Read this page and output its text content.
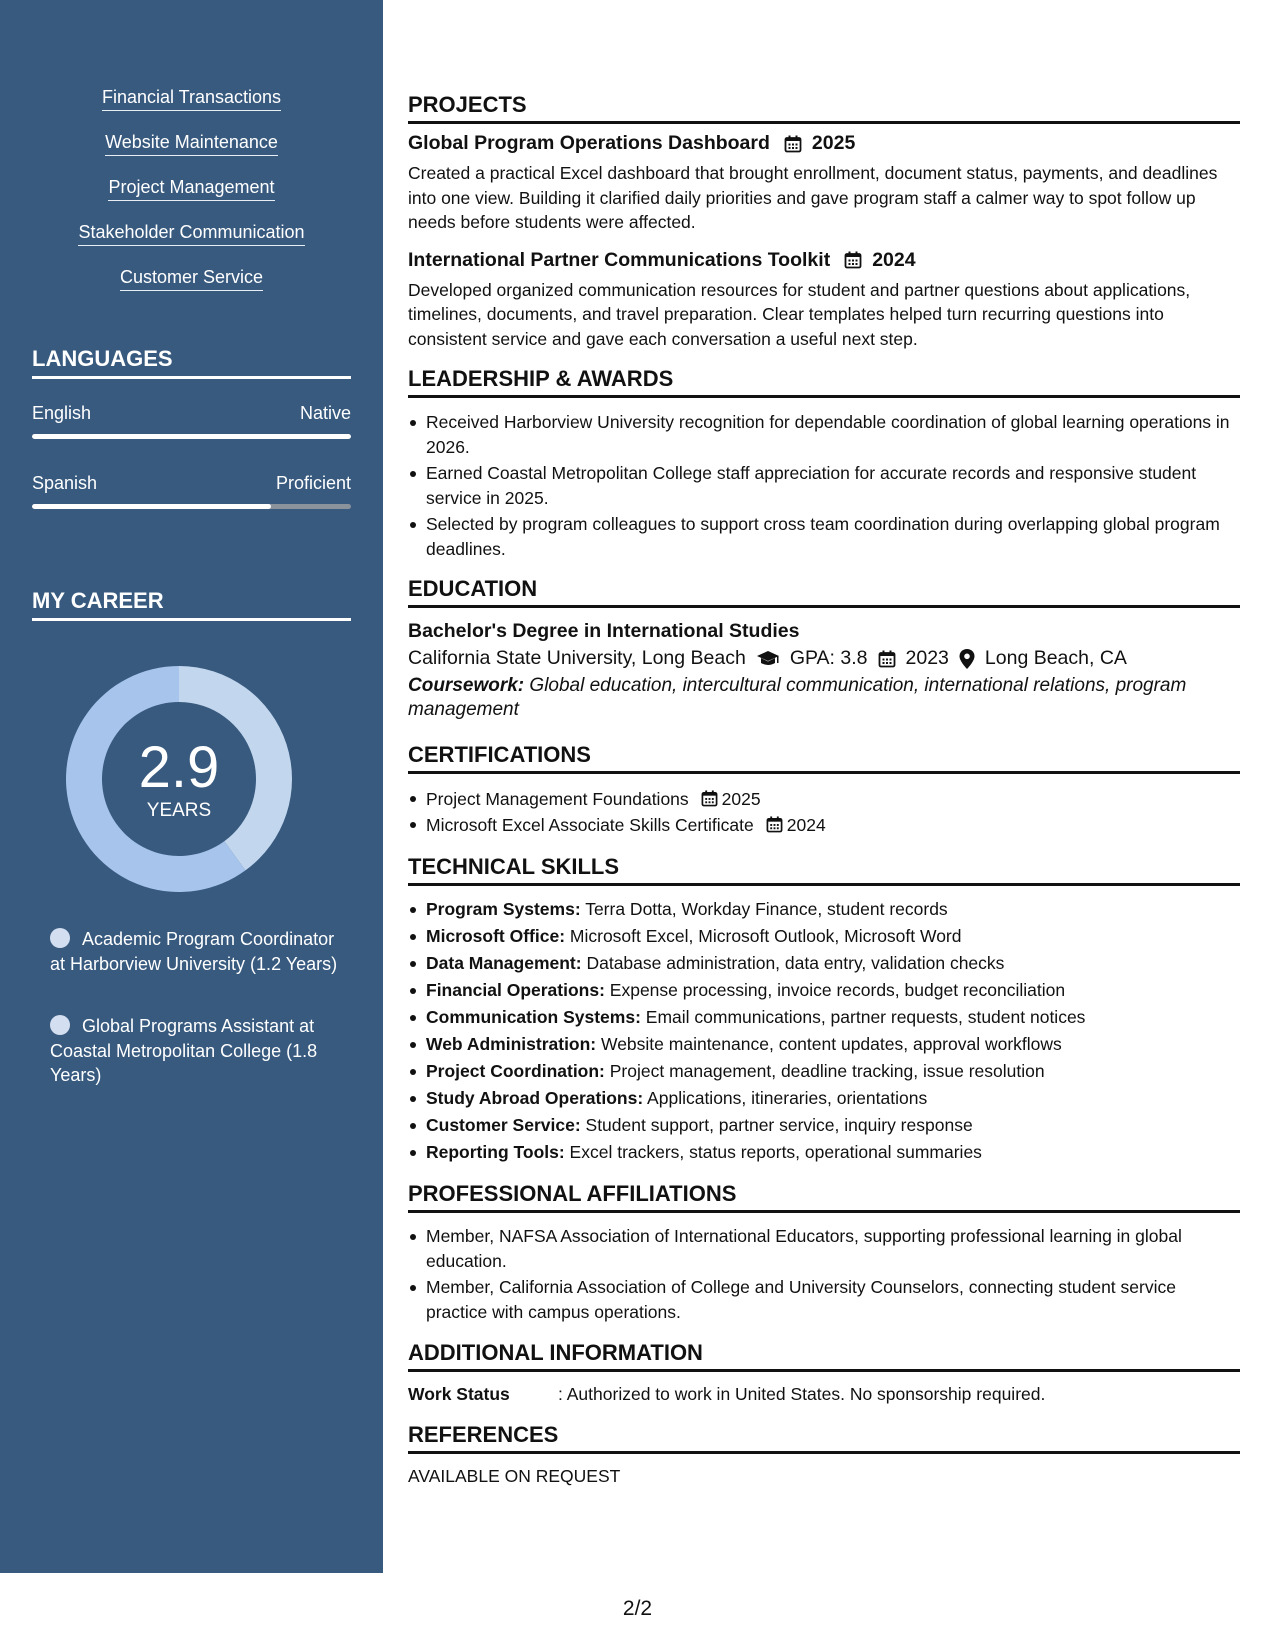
Financial Transactions
Website Maintenance
Project Management
Stakeholder Communication
Customer Service
LANGUAGES
English	Native
Spanish	Proficient
MY CAREER
2.9
YEARS
Academic Program Coordinator at Harborview University (1.2 Years)
Global Programs Assistant at Coastal Metropolitan College (1.8 Years)
PROJECTS
Global Program Operations Dashboard 2025
Created a practical Excel dashboard that brought enrollment, document status, payments, and deadlines into one view. Building it clarified daily priorities and gave program staff a calmer way to spot follow up needs before students were affected.
International Partner Communications Toolkit 2024
Developed organized communication resources for student and partner questions about applications, timelines, documents, and travel preparation. Clear templates helped turn recurring questions into consistent service and gave each conversation a useful next step.
LEADERSHIP & AWARDS
Received Harborview University recognition for dependable coordination of global learning operations in 2026.
Earned Coastal Metropolitan College staff appreciation for accurate records and responsive student service in 2025.
Selected by program colleagues to support cross team coordination during overlapping global program deadlines.
EDUCATION
Bachelor's Degree in International Studies
California State University, Long Beach GPA: 3.8 2023 Long Beach, CA
Coursework: Global education, intercultural communication, international relations, program management
CERTIFICATIONS
Project Management Foundations 2025
Microsoft Excel Associate Skills Certificate 2024
TECHNICAL SKILLS
Program Systems: Terra Dotta, Workday Finance, student records
Microsoft Office: Microsoft Excel, Microsoft Outlook, Microsoft Word
Data Management: Database administration, data entry, validation checks
Financial Operations: Expense processing, invoice records, budget reconciliation
Communication Systems: Email communications, partner requests, student notices
Web Administration: Website maintenance, content updates, approval workflows
Project Coordination: Project management, deadline tracking, issue resolution
Study Abroad Operations: Applications, itineraries, orientations
Customer Service: Student support, partner service, inquiry response
Reporting Tools: Excel trackers, status reports, operational summaries
PROFESSIONAL AFFILIATIONS
Member, NAFSA Association of International Educators, supporting professional learning in global education.
Member, California Association of College and University Counselors, connecting student service practice with campus operations.
ADDITIONAL INFORMATION
Work Status	: Authorized to work in United States. No sponsorship required.
REFERENCES
AVAILABLE ON REQUEST
2/2
